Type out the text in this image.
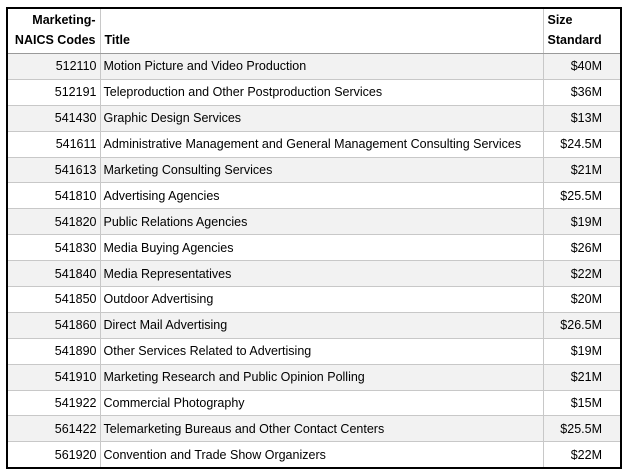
Marketing-
NAICS Codes	Title	Size
Standard
512110	Motion Picture and Video Production	$40M
512191	Teleproduction and Other Postproduction Services	$36M
541430	Graphic Design Services	$13M
541611	Administrative Management and General Management Consulting Services	$24.5M
541613	Marketing Consulting Services	$21M
541810	Advertising Agencies	$25.5M
541820	Public Relations Agencies	$19M
541830	Media Buying Agencies	$26M
541840	Media Representatives	$22M
541850	Outdoor Advertising	$20M
541860	Direct Mail Advertising	$26.5M
541890	Other Services Related to Advertising	$19M
541910	Marketing Research and Public Opinion Polling	$21M
541922	Commercial Photography	$15M
561422	Telemarketing Bureaus and Other Contact Centers	$25.5M
561920	Convention and Trade Show Organizers	$22M
